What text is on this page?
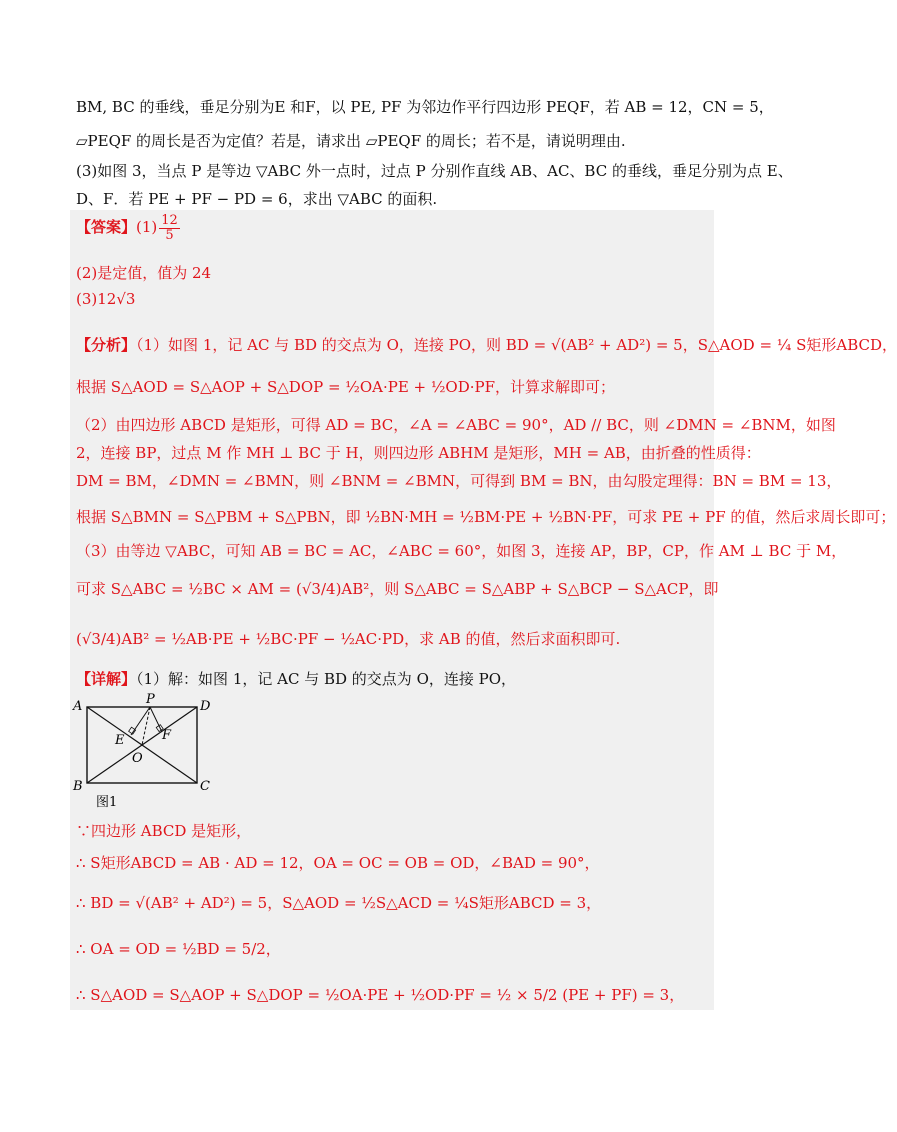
BM, BC 的垂线，垂足分别为E 和F，以 PE, PF 为邻边作平行四边形 PEQF，若 AB = 12，CN = 5，
▱PEQF 的周长是否为定值？若是，请求出 ▱PEQF 的周长；若不是，请说明理由.
(3)如图 3，当点 P 是等边 ▽ABC 外一点时，过点 P 分别作直线 AB、AC、BC 的垂线，垂足分别为点 E、
D、F．若 PE + PF − PD = 6，求出 ▽ABC 的面积.
【答案】$(1) \frac{12}{5}$
(2)是定值，值为 24
(3)12√3
【分析】（1）如图 1，记 AC 与 BD 的交点为 O，连接 PO，则 BD = √(AB² + AD²) = 5，S△AOD = ¼ S矩形ABCD，
根据 S△AOD = S△AOP + S△DOP = ½OA·PE + ½OD·PF，计算求解即可；
（2）由四边形 ABCD 是矩形，可得 AD = BC，∠A = ∠ABC = 90°，AD // BC，则 ∠DMN = ∠BNM，如图
2，连接 BP，过点 M 作 MH ⊥ BC 于 H，则四边形 ABHM 是矩形，MH = AB，由折叠的性质得：
DM = BM，∠DMN = ∠BMN，则 ∠BNM = ∠BMN，可得到 BM = BN，由勾股定理得：BN = BM = 13，
根据 S△BMN = S△PBM + S△PBN，即 ½BN·MH = ½BM·PE + ½BN·PF，可求 PE + PF 的值，然后求周长即可；
（3）由等边 ▽ABC，可知 AB = BC = AC，∠ABC = 60°，如图 3，连接 AP，BP，CP，作 AM ⊥ BC 于 M，
可求 S△ABC = ½BC × AM = (√3/4)AB²，则 S△ABC = S△ABP + S△BCP − S△ACP，即
(√3/4)AB² = ½AB·PE + ½BC·PF − ½AC·PD，求 AB 的值，然后求面积即可.
【详解】（1）解：如图 1，记 AC 与 BD 的交点为 O，连接 PO，
A	D
B	C
P
E	F
O
图1
∵四边形 ABCD 是矩形，
∴ S矩形ABCD = AB · AD = 12，OA = OC = OB = OD，∠BAD = 90°，
∴ BD = √(AB² + AD²) = 5，S△AOD = ½S△ACD = ¼S矩形ABCD = 3，
∴ OA = OD = ½BD = 5/2，
∴ S△AOD = S△AOP + S△DOP = ½OA·PE + ½OD·PF = ½ × 5/2 (PE + PF) = 3，
